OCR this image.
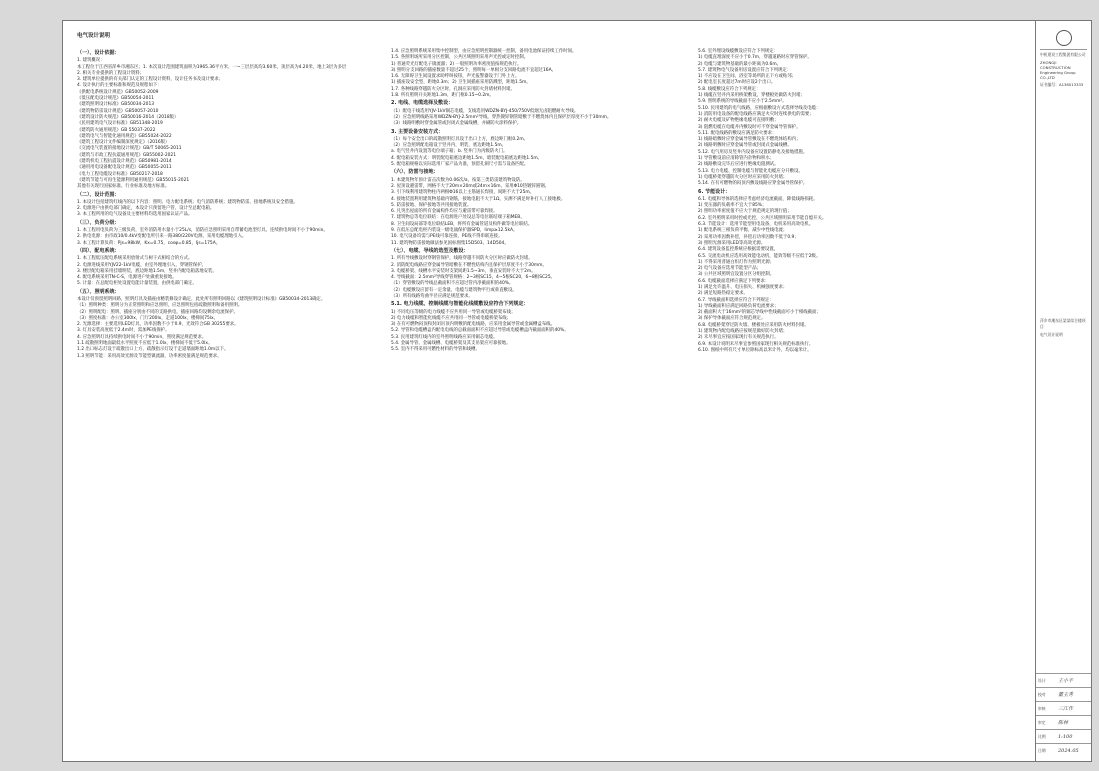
电气设计说明

（一）、设计依据：

1. 建筑概况：

本工程位于江西省萍乡市湘东区；1. 本次设计范围建筑面积为1965.36平方米，一~三层层高均3.60米，顶层高为4.20米，地上3层为多层

2. 相关专业提供的工程设计资料；

3. 建筑单位提供的有关部门认定的工程设计资料，设计任务书及设计要求；

4. 设计执行的主要标准和规范及规程如下：

《供配电系统设计规范》GB50052-2009

《低压配电设计规范》GB50054-2011

《建筑照明设计标准》GB50034-2013

《建筑物防雷设计规范》GB50057-2010

《建筑设计防火规范》GB50016-2014（2018版）

《民用建筑电气设计标准》GB51348-2019

《建筑防火通用规范》GB 55037-2022

《建筑电气与智能化通用规范》GB55024-2022

《建筑工程设计文件编制深度规定》（2016版）

《交流电气装置的接地设计规范》GB/T 50065-2011

《建筑与市政工程抗震通用规范》GB55002-2021

《建筑机电工程抗震设计规范》GB50981-2014

《通用用电设备配电设计规范》GB50055-2011

《电力工程电缆设计标准》GB50217-2018

《建筑节能与可再生能源利用通用规范》GB55015-2021

其他有关现行国家标准、行业标准及地方标准。

（二）、设计范围：

1. 本设计包括建筑红线内的以下内容：照明、电力配电系统；电气消防系统；建筑物防雷、接地系统及安全措施。

2. 电源进户由供电部门确定，本设计只预留进户管，设计至总配电箱。

3. 本工程所用的电气设备及主要材料均选用国家认证产品。

（三）、负荷分级：

1. 本工程用电负荷为三级负荷，室外消防用水量小于25L/s，消防应急照明采用自带蓄电池型灯具，连续供电时间不小于90min。

2. 供电电源：由市政10/0.4kV变配电所引来一路380/220V电源，采用电缆埋地引入。

3. 本工程计算负荷：Pjs=98kW，Kx=0.75，cosφ=0.85，Ijs=175A。

（四）、配电系统：

1. 本工程低压配电系统采用放射式与树干式相结合的方式。

2. 电源进线采用YJV22-1kV电缆，由室外埋地引入，穿钢管保护。

3. 楼层配电箱采用挂墙明装，底边距地1.5m，竖井内配电箱落地安装。

4. 配电系统采用TN-C-S，电源进户处做重复接地。

5. 计量：在总配电柜处设置电能计量装置，由供电部门确定。

（五）、照明系统：

本设计仅预留照明回路，照明灯具及插座由精装修设计确定，此处所有照明回路以《建筑照明设计标准》GB50034-2013确定。

（1）照明种类：照明分为正常照明和应急照明，应急照明包括疏散照明和备用照明。

（2）照明配电：照明、插座分别由不同的支路供电，插座回路均设剩余电流保护。

（3）照度标准：办公室300lx，门厅200lx，走道100lx，楼梯间75lx。

2. 光源选择：主要选用LED灯具，功率因数不小于0.9，光效符合GB 30255要求。

3. 灯具安装高度低于2.4m时，需加PE线保护。

4. 应急照明灯具持续供电时间不小于90min，照度满足规范要求。

1.1 疏散照明地面最低水平照度不应低于1.0lx，楼梯间不低于5.0lx。

1.2 出口标志灯设于疏散出口上方，疏散指示灯设于走道墙面距地1.0m以下。

1.3 照明节能：采用高效光源及节能型镇流器，功率密度值满足规范要求。

1.4. 应急照明系统采用集中控制型，由应急照明控制器统一控制，备用电池保证持续工作时间。

1.5. 各照明场所采用分区控制，公共区域照明采用声光控或定时控制。

1) 普通荧光灯配电子镇流器；2) 一般照明功率密度值按规范执行。

3) 照明分支回路的插座数量不超过25个，照明每一单相分支回路电流不宜超过16A。

1.6. 无障碍卫生间设置求助呼叫按钮，声光报警器设于门外上方。

1) 插座设安全型，距地0.3m；2) 卫生间插座采用防溅型，距地1.5m。

1.7. 各种线路穿越防火分区时，孔洞应采用防火封堵材料封堵。

1.8. 所有照明开关距地1.3m，距门框0.15~0.2m。

2. 电线、电缆选择及敷设：

（1）配电干线选用YJV-1kV铜芯电缆，支线选用WDZN-BYJ-450/750V低烟无卤阻燃耐火导线。

（2）应急照明线路采用WDZN-BYJ-2.5mm²导线，穿热镀锌钢管暗敷于不燃烧体内且保护层厚度不小于30mm。

（3）线路明敷时穿金属管或封闭式金属线槽，并刷防火涂料保护。

3. 主要设备安装方式：

（1）每个安全出口的疏散照明灯具设于出口上方，底边距门框0.2m。

（2）应急照明配电箱设于竖井内，明装，底边距地1.5m。

a. 电气竖井内设置等电位端子箱；b. 竖井门为丙级防火门。

4. 配电箱安装方式：明装配电箱底边距地1.5m，暗装配电箱底边距地1.5m。

5. 配电箱规格以实际选用厂家产品为准，预留孔洞尺寸需与设备匹配。

（六）、防雷与接地：

1. 本建筑物年预计雷击次数为0.06次/a，按第三类防雷建筑物设防。

2. 屋顶设避雷带，网格不大于20m×20m或24m×16m，采用Φ10热镀锌圆钢。

3. 引下线利用建筑物柱内两根Φ16以上主筋通长焊接，间距不大于25m。

4. 接地装置利用建筑物基础内钢筋，接地电阻不大于1Ω，实测不满足时补打人工接地极。

5. 防雷接地、保护接地等共用接地装置。

6. 凡突出屋面的所有金属构件均应与避雷带可靠焊接。

7. 建筑物总等电位联结：在电源进户处设总等电位联结端子箱MEB。

8. 卫生间设局部等电位联结LEB，将所有金属管道及构件做等电位联结。

9. 在低压总配电柜内装设一级电涌保护器SPD，Iimp≥12.5kA。

10. 电气设备均需与PE线可靠连接，PE线不得串联连接。

11. 建筑物防雷接地做法参见国标图集15D503、14D504。

（七）、电缆、导线的选型及敷设：

1. 所有导线敷设时穿钢管保护，线路穿越不同防火分区时应做防火封堵。

2. 消防配电线路应穿金属导管暗敷在不燃性结构内且保护层厚度不小于30mm。

3. 电缆桥架、线槽水平安装时支架间距1.5~3m，垂直安装时不大于2m。

4. 导线截面：2.5mm²导线穿管规格：2~3根SC15，4~5根SC20，6~8根SC25。

（1）穿管敷设的导线总截面积不应超过管内净截面积的40%。

（2）电缆敷设应留有一定余量，电缆与建筑物平行或垂直敷设。

（3）所有线路弯曲半径应满足规范要求。

5.1. 电力线缆、控制线缆与智能化线缆敷设应符合下列规定：

1) 不同电压等级的电力线缆不应共用同一导管或电缆桥架布线；

2) 电力线缆和智能化线缆不应共用同一导管或电缆桥架布线；

3) 在有可燃物闷顶和封闭吊顶内明敷的配电线路，应采用金属导管或金属槽盒布线。

5.2. 导管和电缆槽盒内配电电线的总截面面积不应超过导管或电缆槽盒内截面面积的40%。

5.3. 民用建筑红线内的室外照明线路应采用铜芯电缆。

5.4. 金属导管、金属线槽、电缆桥架及其支吊架应可靠接地。

5.5. 室内不得采用可燃性材料的导管和线槽。

5.6. 室外埋设线缆敷设应符合下列规定：

1) 电缆直埋深度不应小于0.7m，穿越道路时应穿管保护。

2) 电缆与建筑物基础的最小距离为0.6m。

5.7. 建筑物电气设备用房设置应符合下列规定：

1) 不应设在卫生间、浴室等场所的正下方或贴邻；

2) 配电室长度超过7m时应设2个出口。

5.8. 线缆敷设应符合下列规定：

1) 线缆在竖井内采用桥架敷设，穿楼板处做防火封堵；

5.9. 照明系统的导线截面不应小于2.5mm²。

5.10. 民用建筑的电气线路，应根据敷设方式选择导线及电缆：

1) 消防用电设备的配电线路应满足火灾时连续供电的需要；

2) 耐火电缆及矿物绝缘电缆可直接明敷；

3) 阻燃电缆在电缆井内敷设时可不穿金属导管保护。

5.11. 配电线路的敷设应满足防火要求：

1) 线路暗敷时应穿金属导管敷设在不燃烧体结构内；

2) 线路明敷时应穿金属导管或封闭式金属线槽。

5.12. 电气用房及竖井内设备应设置防静电及接地措施。

1) 导管敷设前应清除管内杂物和积水；

2) 线路敷设完毕后应进行绝缘电阻测试。

5.13. 电力电缆、控制电缆与智能化电缆应分开敷设。

1) 电缆桥架穿越防火分区时应采用防火封堵；

5.14. 在有可燃物的闷顶内敷设线路应穿金属导管保护。

6. 节能设计：

6.1. 电缆和导体的选择应考虑经济电流截面，降低线路损耗。

1) 变压器的负载率不宜大于85%；

2) 照明功率密度值不应大于规范规定的现行值；

6.2. 室外照明采用时控或光控，公共区域照明采用节能自熄开关。

6.3. 节能设计：选用节能型用电设备，电机采用高效电机。

1) 配电系统三相负荷平衡，减少中性线电流；

2) 采用功率因数补偿，补偿后功率因数不低于0.9；

3) 照明光源采用LED等高效光源。

6.4. 建筑设备监控系统应根据需要设置。

6.5. 交流电动机应选用高效能电动机，能效等级不应低于2级。

1) 不得采用普通白炽灯作为照明光源；

2) 电气设备应选用节能型产品；

3) 公共区域照明宜设置分区分组控制。

6.6. 电缆截面选择应满足下列要求：

1) 满足允许温升、电压损失、机械强度要求；

2) 满足短路热稳定要求。

6.7. 导线截面积选择应符合下列规定：

1) 导线截面积应满足回路负荷电流要求；

2) 截面积大于16mm²的铜芯导线中性线截面可小于相线截面；

3) 保护导体截面应符合规范规定。

6.8. 电缆桥架穿过防火墙、楼板处应采用防火材料封堵。

1) 建筑物内配电线路应按规范做好防火封堵；

2) 未尽事宜应按国家现行有关规范执行。

6.9. 本设计说明未尽事宜参照国家现行相关规范标准执行。

6.10. 图纸中所有尺寸单位除标高以米计外，均以毫米计。

中机建设工程集团有限公司

ZHONGJI CONSTRUCTION Engineering Group CO.,LTD

证书编号：A136013333

萍乡市湘东区某某综合楼项目

电气设计说明

设计	王小平
校对	董玉秀
审核	三江作
审定	陈林
比例	1:100
日期	2024.05
